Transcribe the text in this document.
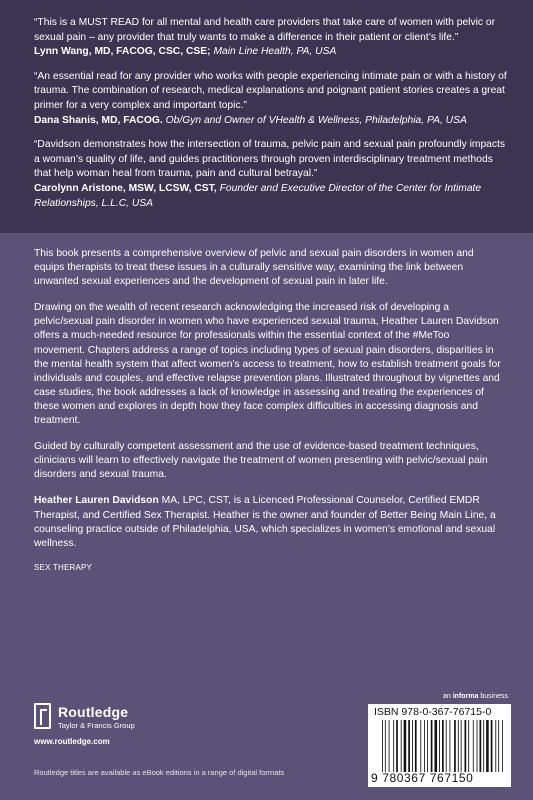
“This is a MUST READ for all mental and health care providers that take care of women with pelvic or sexual pain – any provider that truly wants to make a difference in their patient or client’s life.”

Lynn Wang, MD, FACOG, CSC, CSE; Main Line Health, PA, USA

“An essential read for any provider who works with people experiencing intimate pain or with a history of trauma. The combination of research, medical explanations and poignant patient stories creates a great primer for a very complex and important topic.”

Dana Shanis, MD, FACOG. Ob/Gyn and Owner of VHealth & Wellness, Philadelphia, PA, USA

“Davidson demonstrates how the intersection of trauma, pelvic pain and sexual pain profoundly impacts a woman’s quality of life, and guides practitioners through proven interdisciplinary treatment methods that help woman heal from trauma, pain and cultural betrayal.”

Carolynn Aristone, MSW, LCSW, CST, Founder and Executive Director of the Center for Intimate Relationships, L.L.C, USA

This book presents a comprehensive overview of pelvic and sexual pain disorders in women and equips therapists to treat these issues in a culturally sensitive way, examining the link between unwanted sexual experiences and the development of sexual pain in later life.

Drawing on the wealth of recent research acknowledging the increased risk of developing a pelvic/sexual pain disorder in women who have experienced sexual trauma, Heather Lauren Davidson offers a much-needed resource for professionals within the essential context of the #MeToo movement. Chapters address a range of topics including types of sexual pain disorders, disparities in the mental health system that affect women’s access to treatment, how to establish treatment goals for individuals and couples, and effective relapse prevention plans. Illustrated throughout by vignettes and case studies, the book addresses a lack of knowledge in assessing and treating the experiences of these women and explores in depth how they face complex difficulties in accessing diagnosis and treatment.

Guided by culturally competent assessment and the use of evidence-based treatment techniques, clinicians will learn to effectively navigate the treatment of women presenting with pelvic/sexual pain disorders and sexual trauma.

Heather Lauren Davidson MA, LPC, CST, is a Licenced Professional Counselor, Certified EMDR Therapist, and Certified Sex Therapist. Heather is the owner and founder of Better Being Main Line, a counseling practice outside of Philadelphia, USA, which specializes in women’s emotional and sexual wellness.

SEX THERAPY
Routledge
Taylor & Francis Group
www.routledge.com
Routledge titles are available as eBook editions in a range of digital formats
an informa business
ISBN 978-0-367-76715-0
9 780367 767150
